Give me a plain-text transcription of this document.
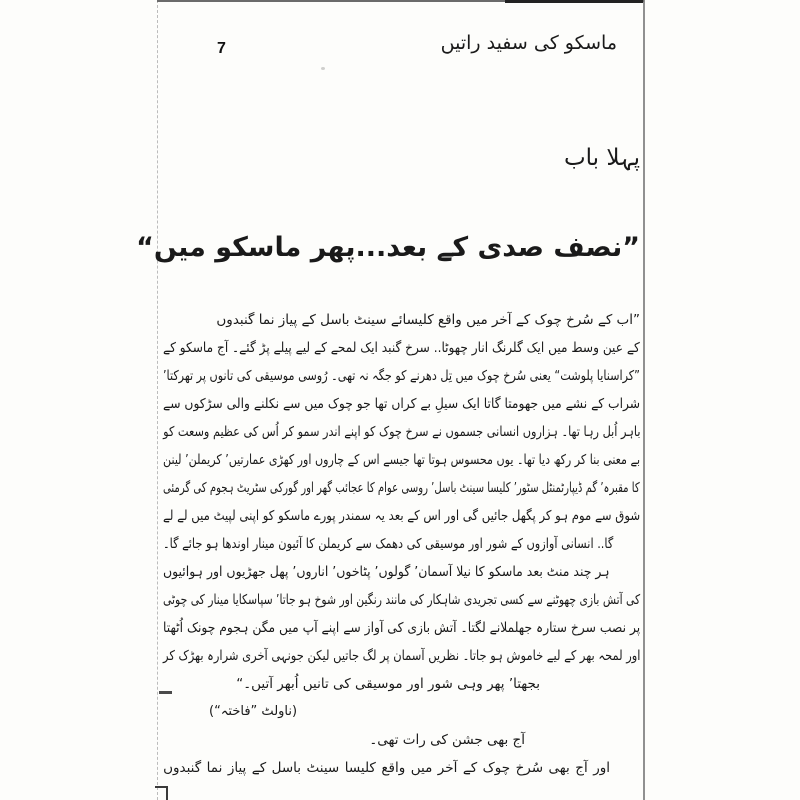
ماسکو کی سفید راتیں
7
پہلا باب
”نصف صدی کے بعد...پھر ماسکو میں“
”اب کے سُرخ چوک کے آخر میں واقع کلیسائے سینٹ باسل کے پیاز نما گنبدوں
کے عین وسط میں ایک گلرنگ انار چھوٹا.. سرخ گنبد ایک لمحے کے لیے پیلے پڑ گئے۔ آج ماسکو کے
”کراسنایا پلوشت“ یعنی سُرخ چوک میں تِل دھرنے کو جگہ نہ تھی۔ رُوسی موسیقی کی تانوں پر تھرکتا’
شراب کے نشے میں جھومتا گاتا ایک سیلِ بے کراں تھا جو چوک میں سے نکلنے والی سڑکوں سے
باہر اُبل رہا تھا۔ ہزاروں انسانی جسموں نے سرخ چوک کو اپنے اندر سمو کر اُس کی عظیم وسعت کو
بے معنی بنا کر رکھ دیا تھا۔ یوں محسوس ہوتا تھا جیسے اس کے چاروں اور کھڑی عمارتیں’ کریملن’ لینن
کا مقبرہ’ گم ڈیپارٹمنٹل سٹور’ کلیسا سینٹ باسل’ روسی عوام کا عجائب گھر اور گورکی سٹریٹ ہجوم کی گرمئی
شوق سے موم ہو کر پگھل جائیں گی اور اس کے بعد یہ سمندر پورے ماسکو کو اپنی لپیٹ میں لے لے
گا.. انسانی آوازوں کے شور اور موسیقی کی دھمک سے کریملن کا آئیون مینار اوندھا ہو جائے گا۔
ہر چند منٹ بعد ماسکو کا نیلا آسمان’ گولوں’ پٹاخوں’ اناروں’ پھل جھڑیوں اور ہوائیوں
کی آتش بازی چھوٹنے سے کسی تجریدی شاہکار کی مانند رنگین اور شوخ ہو جاتا’ سپاسکایا مینار کی چوٹی
پر نصب سرخ ستارہ جھلملانے لگتا۔ آتش بازی کی آواز سے اپنے آپ میں مگن ہجوم چونک اُٹھتا
اور لمحہ بھر کے لیے خاموش ہو جاتا۔ نظریں آسمان پر لگ جاتیں لیکن جونہی آخری شرارہ بھڑک کر
بجھتا’ پھر وہی شور اور موسیقی کی تانیں اُبھر آتیں۔“
(ناولٹ ”فاختہ“)
آج بھی جشن کی رات تھی۔
اور آج بھی سُرخ چوک کے آخر میں واقع کلیسا سینٹ باسل کے پیاز نما گنبدوں
